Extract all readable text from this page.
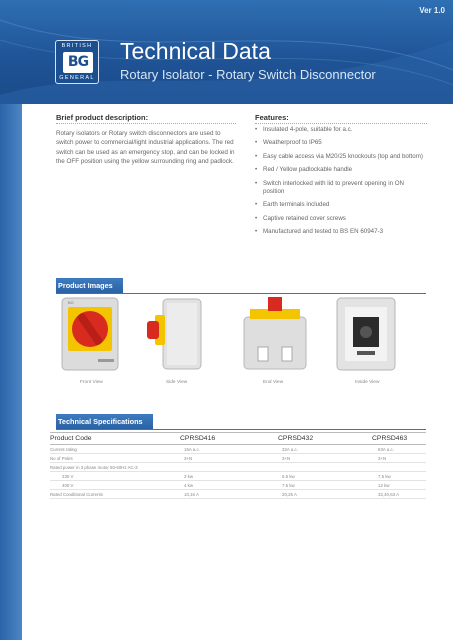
Ver 1.0
BRITISH
BG
GENERAL
Technical Data
Rotary Isolator - Rotary Switch Disconnector
Brief product description:
Rotary isolators or Rotary switch disconnectors are used to switch power to commercial/light industrial applications. The red switch can be used as an emergency stop, and can be locked in the OFF position using the yellow surrounding ring and padlock.
Features:
• Insulated 4-pole, suitable for a.c.
• Weatherproof to IP65
• Easy cable access via M20/25 knockouts (top and bottom)
• Red / Yellow padlockable handle
• Switch interlocked with lid to prevent opening in ON position
• Earth terminals included
• Captive retained cover screws
• Manufactured and tested to BS EN 60947-3
Product Images
BG
Front View	Side View	End View	Inside View
Technical Specifications
Product Code	CPRSD416	CPRSD432	CPRSD463
Current rating	16A a.c.	32A a.c.	63A a.c.
No of Poles	3+N	3+N	3+N
Rated power in 3 phase motor 50-60Hz AC-3
230 V	3 kw	5.5 kw	7.5 kw
400 V	4 kw	7.5 kw	12 kw
Rated Conditional Currents	10,16 A	20,25 A	32,40,63 A
